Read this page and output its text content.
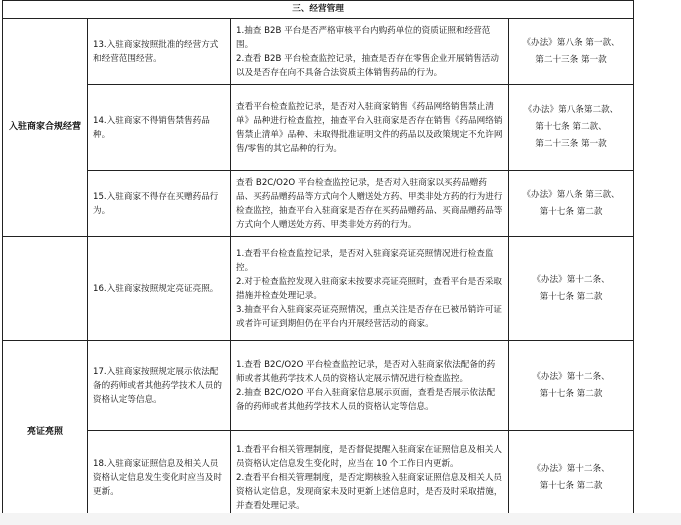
三、经营管理			
入驻商家合规经营	13.入驻商家按照批准的经营方式和经营范围经营。	1.抽查 B2B 平台是否严格审核平台内购药单位的资质证照和经营范围。
2.查看 B2B 平台检查监控记录，抽查是否存在零售企业开展销售活动以及是否存在向不具备合法资质主体销售药品的行为。	《办法》第八条 第一款、
第二十三条 第一款

	14.入驻商家不得销售禁售药品种。	查看平台检查监控记录，是否对入驻商家销售《药品网络销售禁止清单》品种进行检查监控，抽查平台入驻商家是否存在销售《药品网络销售禁止清单》品种、未取得批准证明文件的药品以及政策规定不允许网售/零售的其它品种的行为。	《办法》第八条第二款、
第十七条 第二款、
第二十三条 第一款

	15.入驻商家不得存在买赠药品行为。	查看 B2C/O2O 平台检查监控记录，是否对入驻商家以买药品赠药品、买药品赠药品等方式向个人赠送处方药、甲类非处方药的行为进行检查监控，抽查平台入驻商家是否存在买药品赠药品、买商品赠药品等方式向个人赠送处方药、甲类非处方药的行为。	《办法》第八条 第三款、
第十七条 第二款

	16.入驻商家按照规定亮证亮照。	1.查看平台检查监控记录，是否对入驻商家亮证亮照情况进行检查监控。
2.对于检查监控发现入驻商家未按要求亮证亮照时，查看平台是否采取措施并检查处理记录。
3.抽查平台入驻商家亮证亮照情况，重点关注是否存在已被吊销许可证或者许可证到期但仍在平台内开展经营活动的商家。	《办法》第十二条、
第十七条 第二款

亮证亮照	17.入驻商家按照规定展示依法配备的药师或者其他药学技术人员的资格认定等信息。	1.查看 B2C/O2O 平台检查监控记录，是否对入驻商家依法配备的药师或者其他药学技术人员的资格认定展示情况进行检查监控。
2.抽查 B2C/O2O 平台入驻商家信息展示页面，查看是否展示依法配备的药师或者其他药学技术人员的资格认定等信息。	《办法》第十二条、
第十七条 第二款

	18.入驻商家证照信息及相关人员资格认定信息发生变化时应当及时更新。	1.查看平台相关管理制度，是否督促提醒入驻商家在证照信息及相关人员资格认定信息发生变化时，应当在 10 个工作日内更新。
2.查看平台相关管理制度，是否定期核验入驻商家证照信息及相关人员资格认定信息，发现商家未及时更新上述信息时，是否及时采取措施，并查看处理记录。	《办法》第十二条、
第十七条 第二款
